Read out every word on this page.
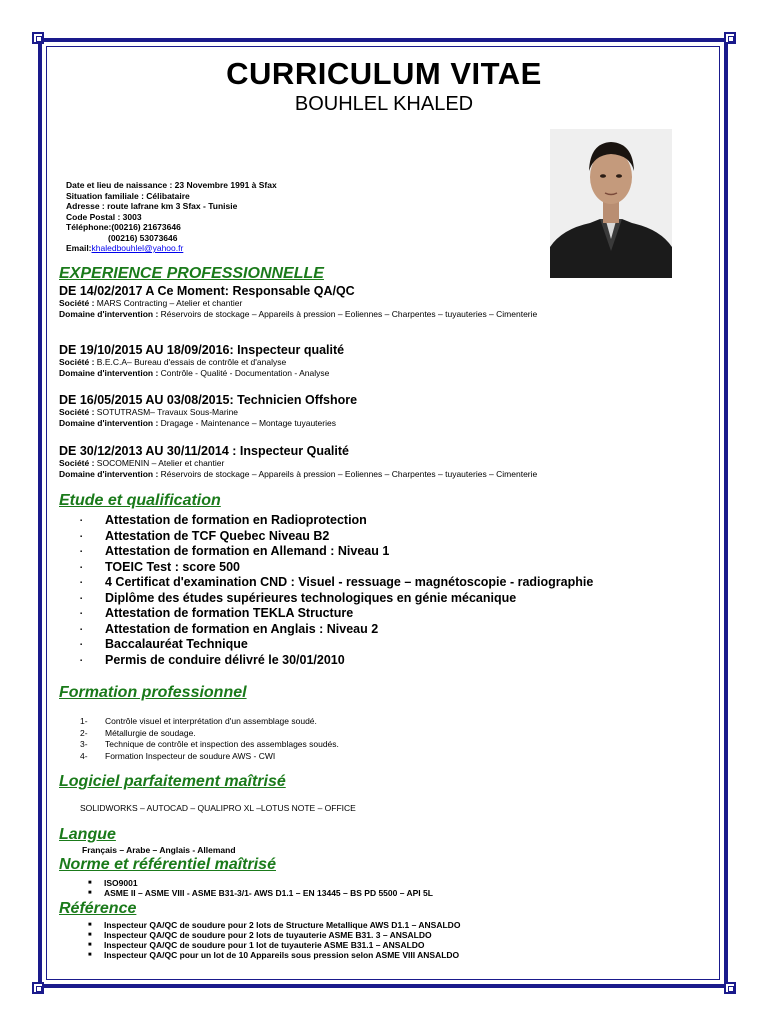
CURRICULUM VITAE
BOUHLEL KHALED
Date et lieu de naissance : 23 Novembre 1991 à Sfax
Situation familiale : Célibataire
Adresse : route lafrane km 3 Sfax - Tunisie
Code Postal : 3003
Téléphone:(00216) 21673646
(00216) 53073646
Email:khaledbouhlel@yahoo.fr
EXPERIENCE PROFESSIONNELLE
DE 14/02/2017 A Ce Moment: Responsable QA/QC
Société : MARS Contracting – Atelier et chantier
Domaine d'intervention : Réservoirs de stockage – Appareils à pression – Eoliennes – Charpentes – tuyauteries – Cimenterie
DE 19/10/2015 AU 18/09/2016: Inspecteur qualité
Société : B.E.C.A– Bureau d'essais de contrôle et d'analyse
Domaine d'intervention : Contrôle - Qualité - Documentation - Analyse
DE 16/05/2015 AU 03/08/2015: Technicien Offshore
Société : SOTUTRASM– Travaux Sous-Marine
Domaine d'intervention : Dragage - Maintenance – Montage tuyauteries
DE 30/12/2013 AU 30/11/2014 : Inspecteur Qualité
Société : SOCOMENIN – Atelier et chantier
Domaine d'intervention : Réservoirs de stockage – Appareils à pression – Eoliennes – Charpentes – tuyauteries – Cimenterie
Etude et qualification
▪ Attestation de formation en Radioprotection
▪ Attestation de TCF Quebec Niveau B2
▪ Attestation de formation en Allemand : Niveau 1
▪ TOEIC Test : score 500
▪ 4 Certificat d'examination CND : Visuel - ressuage – magnétoscopie - radiographie
▪ Diplôme des études supérieures technologiques en génie mécanique
▪ Attestation de formation TEKLA Structure
▪ Attestation de formation en Anglais : Niveau 2
▪ Baccalauréat Technique
▪ Permis de conduire délivré le 30/01/2010
Formation professionnel
1- Contrôle visuel et interprétation d'un assemblage soudé.
2- Métallurgie de soudage.
3- Technique de contrôle et inspection des assemblages soudés.
4- Formation Inspecteur de soudure AWS - CWI
Logiciel parfaitement maîtrisé
SOLIDWORKS – AUTOCAD – QUALIPRO XL –LOTUS NOTE – OFFICE
Langue
Français – Arabe – Anglais - Allemand
Norme et référentiel maîtrisé
■ ISO9001
■ ASME II – ASME VIII - ASME B31-3/1- AWS D1.1 – EN 13445 – BS PD 5500 – API 5L
Référence
■ Inspecteur QA/QC de soudure pour 2 lots de Structure Metallique AWS D1.1 – ANSALDO
■ Inspecteur QA/QC de soudure pour 2 lots de tuyauterie ASME B31. 3 – ANSALDO
■ Inspecteur QA/QC de soudure pour 1 lot de tuyauterie ASME B31.1 – ANSALDO
■ Inspecteur QA/QC pour un lot de 10 Appareils sous pression selon ASME VIII ANSALDO
